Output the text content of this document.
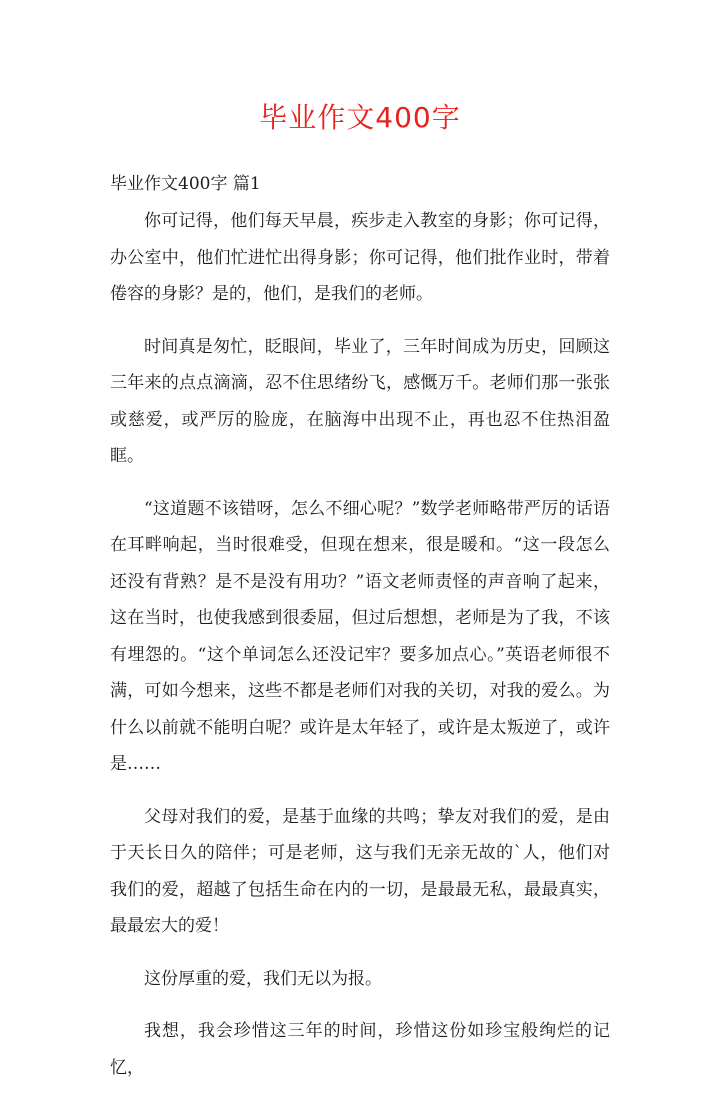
毕业作文400字
毕业作文400字 篇1

你可记得，他们每天早晨，疾步走入教室的身影；你可记得，办公室中，他们忙进忙出得身影；你可记得，他们批作业时，带着倦容的身影？是的，他们，是我们的老师。

时间真是匆忙，眨眼间，毕业了，三年时间成为历史，回顾这三年来的点点滴滴，忍不住思绪纷飞，感慨万千。老师们那一张张或慈爱，或严厉的脸庞，在脑海中出现不止，再也忍不住热泪盈眶。

“这道题不该错呀，怎么不细心呢？”数学老师略带严厉的话语在耳畔响起，当时很难受，但现在想来，很是暖和。“这一段怎么还没有背熟？是不是没有用功？”语文老师责怪的声音响了起来，这在当时，也使我感到很委屈，但过后想想，老师是为了我，不该有埋怨的。“这个单词怎么还没记牢？要多加点心。”英语老师很不满，可如今想来，这些不都是老师们对我的关切，对我的爱么。为什么以前就不能明白呢？或许是太年轻了，或许是太叛逆了，或许是……

父母对我们的爱，是基于血缘的共鸣；挚友对我们的爱，是由于天长日久的陪伴；可是老师，这与我们无亲无故的`人，他们对我们的爱，超越了包括生命在内的一切，是最最无私，最最真实，最最宏大的爱！

这份厚重的爱，我们无以为报。

我想，我会珍惜这三年的时间，珍惜这份如珍宝般绚烂的记忆，
